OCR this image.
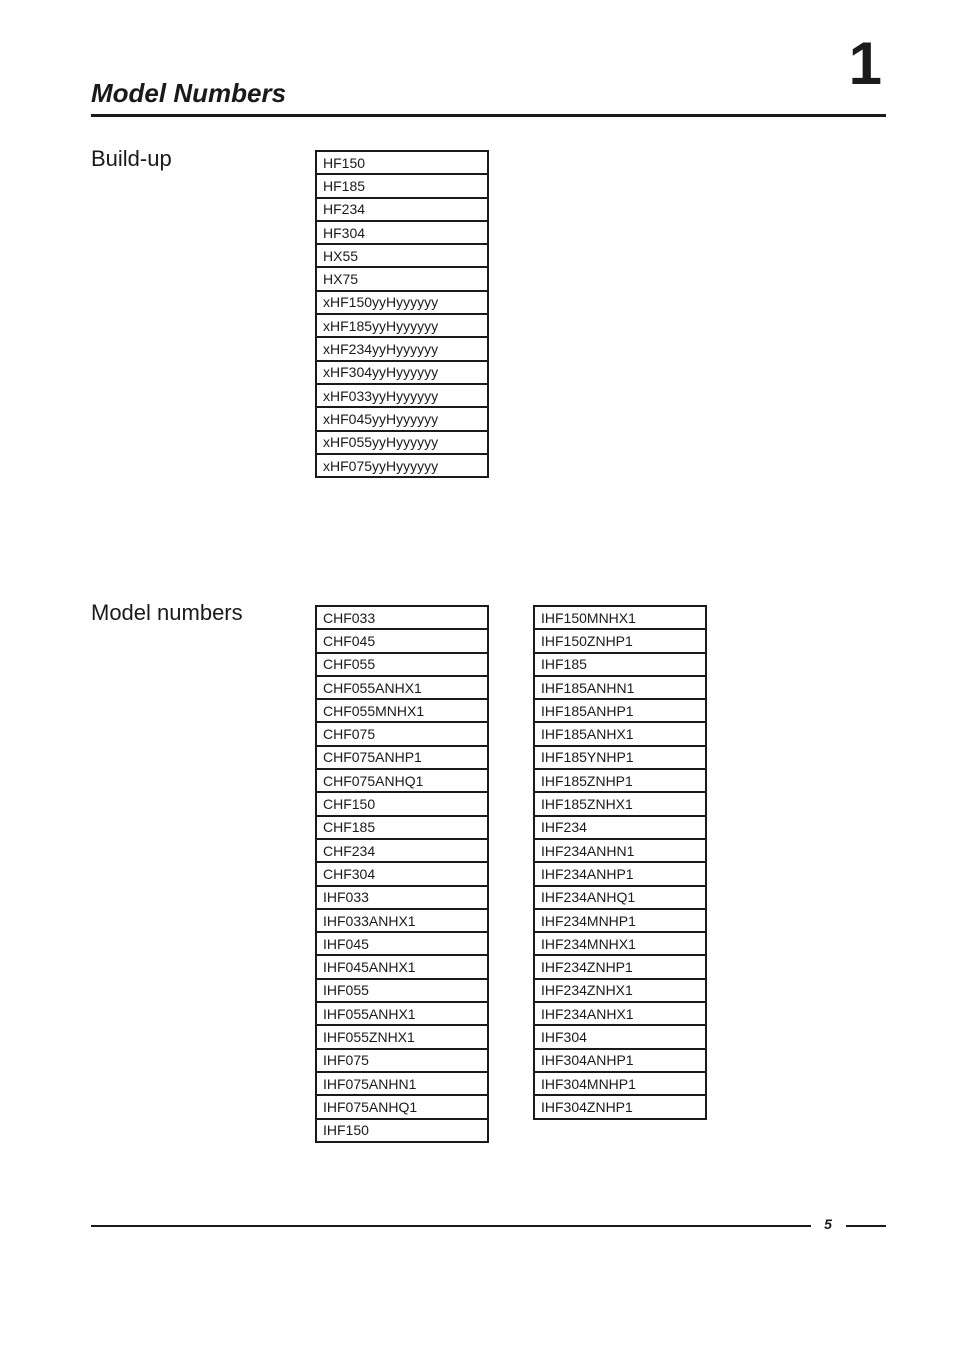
Model Numbers	1
Build-up	HF150
HF185
HF234
HF304
HX55
HX75
xHF150yyHyyyyyy
xHF185yyHyyyyyy
xHF234yyHyyyyyy
xHF304yyHyyyyyy
xHF033yyHyyyyyy
xHF045yyHyyyyyy
xHF055yyHyyyyyy
xHF075yyHyyyyyy
Model numbers	CHF033
CHF045
CHF055
CHF055ANHX1
CHF055MNHX1
CHF075
CHF075ANHP1
CHF075ANHQ1
CHF150
CHF185
CHF234
CHF304
IHF033
IHF033ANHX1
IHF045
IHF045ANHX1
IHF055
IHF055ANHX1
IHF055ZNHX1
IHF075
IHF075ANHN1
IHF075ANHQ1
IHF150
IHF150MNHX1
IHF150ZNHP1
IHF185
IHF185ANHN1
IHF185ANHP1
IHF185ANHX1
IHF185YNHP1
IHF185ZNHP1
IHF185ZNHX1
IHF234
IHF234ANHN1
IHF234ANHP1
IHF234ANHQ1
IHF234MNHP1
IHF234MNHX1
IHF234ZNHP1
IHF234ZNHX1
IHF234ANHX1
IHF304
IHF304ANHP1
IHF304MNHP1
IHF304ZNHP1
5
